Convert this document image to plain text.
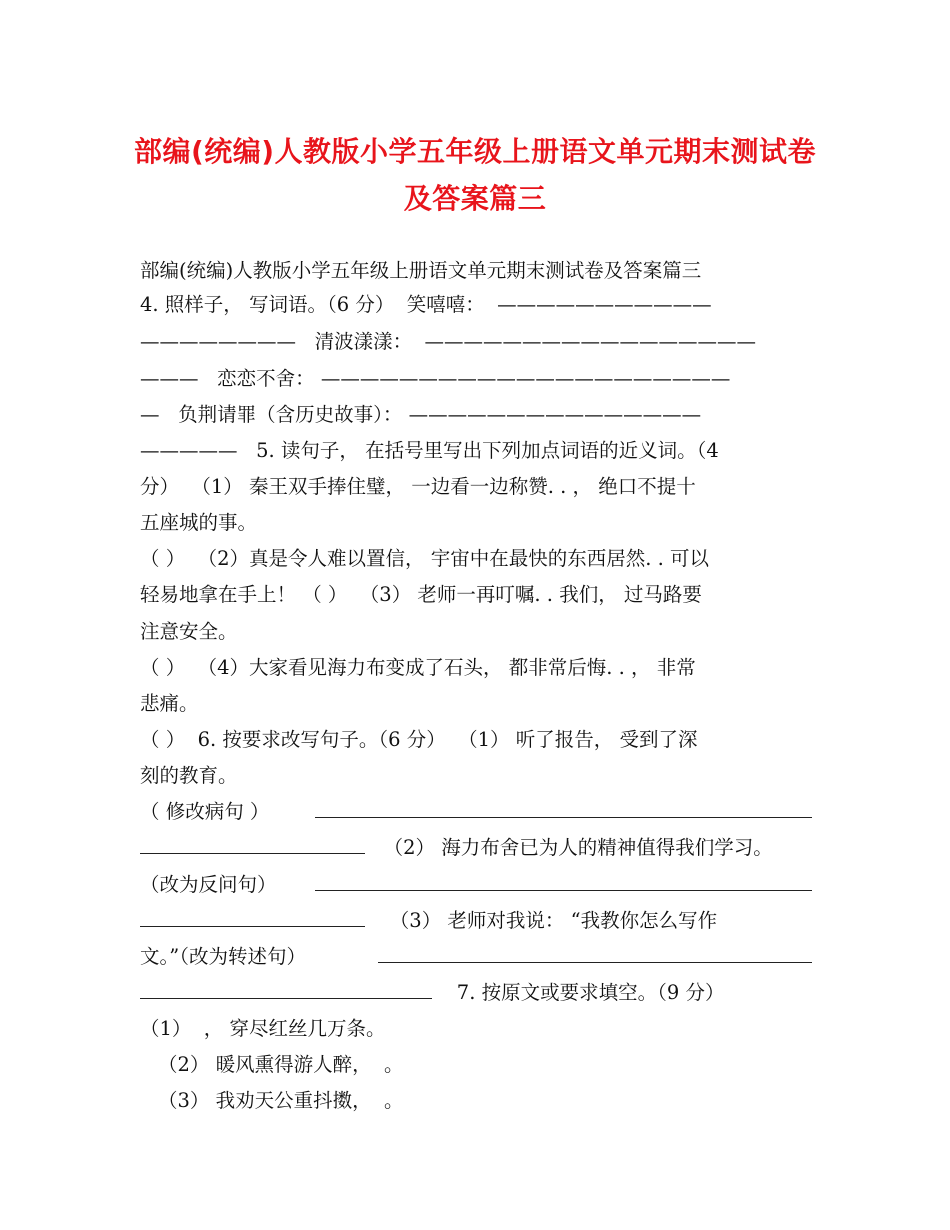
部编(统编)人教版小学五年级上册语文单元期末测试卷
及答案篇三
部编(统编)人教版小学五年级上册语文单元期末测试卷及答案篇三
4. 照样子， 写词语。（6 分）  笑嘻嘻： ———————————
———————— 清波漾漾： —————————————————
——— 恋恋不舍： —————————————————————
— 负荆请罪（含历史故事）： ———————————————
————— 5. 读句子， 在括号里写出下列加点词语的近义词。（4
分）  （1） 秦王双手捧住璧， 一边看一边称赞. . ， 绝口不提十
五座城的事。
（ ）  （2）真是令人难以置信， 宇宙中在最快的东西居然. . 可以
轻易地拿在手上！ （ ）  （3） 老师一再叮嘱. . 我们， 过马路要
注意安全。
（ ）  （4）大家看见海力布变成了石头， 都非常后悔. . ， 非常
悲痛。
（ ）  6. 按要求改写句子。（6 分）  （1） 听了报告， 受到了深
刻的教育。
（ 修改病句 ）
（2） 海力布舍已为人的精神值得我们学习。
（改为反问句）
（3） 老师对我说： “我教你怎么写作
文。”（改为转述句）
7. 按原文或要求填空。（9 分）
（1）  ， 穿尽红丝几万条。
（2） 暖风熏得游人醉，  。
（3） 我劝天公重抖擞，  。
